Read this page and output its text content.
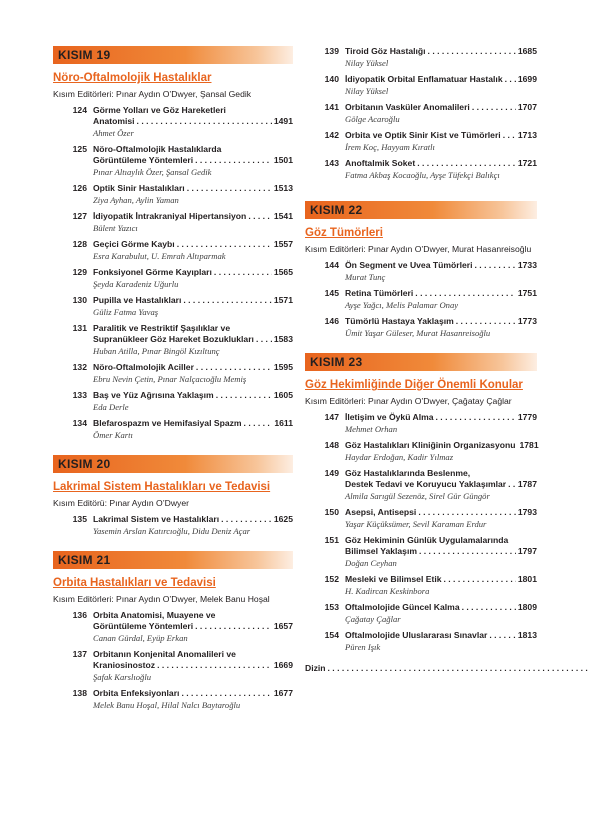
KISIM 19
Nöro-Oftalmolojik Hastalıklar
Kısım Editörleri: Pınar Aydın O’Dwyer, Şansal Gedik
124 Görme Yolları ve Göz Hareketleri
Anatomisi . . .	1491
Ahmet Özer
125 Nöro-Oftalmolojik Hastalıklarda
Görüntüleme Yöntemleri . . .	1501
Pınar Altıaylık Özer, Şansal Gedik
126 Optik Sinir Hastalıkları . . .	1513
Ziya Ayhan, Aylin Yaman
127 İdiyopatik İntrakraniyal Hipertansiyon . . .	1541
Bülent Yazıcı
128 Geçici Görme Kaybı . . .	1557
Esra Karabulut, U. Emrah Altıparmak
129 Fonksiyonel Görme Kayıpları . . .	1565
Şeyda Karadeniz Uğurlu
130 Pupilla ve Hastalıkları . . .	1571
Güliz Fatma Yavaş
131 Paralitik ve Restriktif Şaşılıklar ve
Supranükleer Göz Hareket Bozuklukları . . . 1583
Huban Atilla, Pınar Bingöl Kızıltunç
132 Nöro-Oftalmolojik Aciller . . .	1595
Ebru Nevin Çetin, Pınar Nalçacıoğlu Memiş
133 Baş ve Yüz Ağrısına Yaklaşım . . .	1605
Eda Derle
134 Blefarospazm ve Hemifasiyal Spazm . . .	1611
Ömer Kartı
KISIM 20
Lakrimal Sistem Hastalıkları ve Tedavisi
Kısım Editörü: Pınar Aydın O’Dwyer
135 Lakrimal Sistem ve Hastalıkları . . .	1625
Yasemin Arslan Katırcıoğlu, Didu Deniz Açar
KISIM 21
Orbita Hastalıkları ve Tedavisi
Kısım Editörleri: Pınar Aydın O’Dwyer, Melek Banu Hoşal
136 Orbita Anatomisi, Muayene ve
Görüntüleme Yöntemleri . . .	1657
Canan Gürdal, Eyüp Erkan
137 Orbitanın Konjenital Anomalileri ve
Kraniosinostoz . . .	1669
Şafak Karslıoğlu
138 Orbita Enfeksiyonları . . .	1677
Melek Banu Hoşal, Hilal Nalcı Baytaroğlu
139 Tiroid Göz Hastalığı . . .	1685
Nilay Yüksel
140 İdiyopatik Orbital Enflamatuar Hastalık . . . 1699
Nilay Yüksel
141 Orbitanın Vasküler Anomalileri . . .	1707
Gölge Acaroğlu
142 Orbita ve Optik Sinir Kist ve Tümörleri . . . 1713
İrem Koç, Hayyam Kıratlı
143 Anoftalmik Soket . . .	1721
Fatma Akbaş Kocaoğlu, Ayşe Tüfekçi Balıkçı
KISIM 22
Göz Tümörleri
Kısım Editörleri: Pınar Aydın O’Dwyer, Murat Hasanreisoğlu
144 Ön Segment ve Uvea Tümörleri . . .	1733
Murat Tunç
145 Retina Tümörleri . . .	1751
Ayşe Yağcı, Melis Palamar Onay
146 Tümörlü Hastaya Yaklaşım . . .	1773
Ümit Yaşar Güleser, Murat Hasanreisoğlu
KISIM 23
Göz Hekimliğinde Diğer Önemli Konular
Kısım Editörleri: Pınar Aydın O’Dwyer, Çağatay Çağlar
147 İletişim ve Öykü Alma . . .	1779
Mehmet Orhan
148 Göz Hastalıkları Kliniğinin Organizasyonu 1781
Haydar Erdoğan, Kadir Yılmaz
149 Göz Hastalıklarında Beslenme,
Destek Tedavi ve Koruyucu Yaklaşımlar . . . 1787
Almila Sarıgül Sezenöz, Sirel Gür Güngör
150 Asepsi, Antisepsi . . .	1793
Yaşar Küçüksümer, Sevil Karaman Erdur
151 Göz Hekiminin Günlük Uygulamalarında
Bilimsel Yaklaşım . . .	1797
Doğan Ceyhan
152 Mesleki ve Bilimsel Etik . . .	1801
H. Kadircan Keskinbora
153 Oftalmolojide Güncel Kalma . . .	1809
Çağatay Çağlar
154 Oftalmolojide Uluslararası Sınavlar . . .	1813
Püren Işık
Dizin
. . .
